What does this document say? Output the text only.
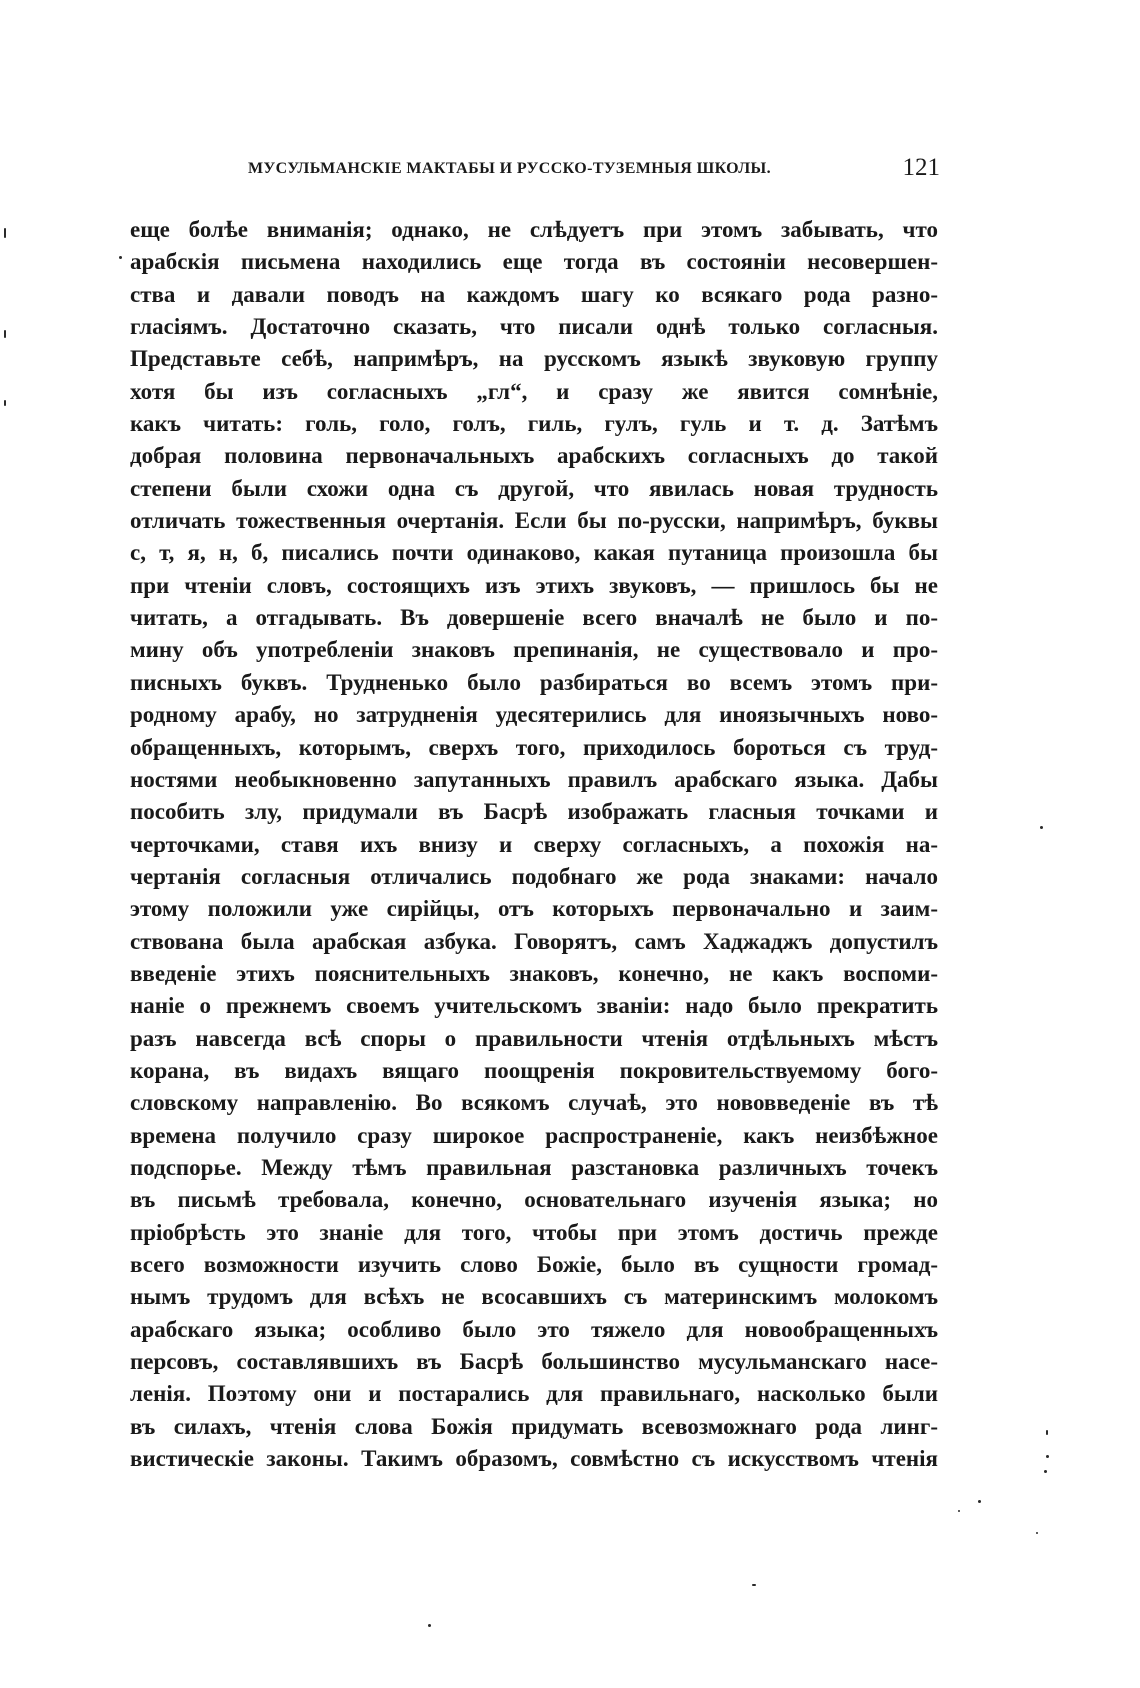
МУСУЛЬМАНСКІЕ МАКТАБЫ И РУССКО-ТУЗЕМНЫЯ ШКОЛЫ.	121
еще болѣе вниманія; однако, не слѣдуетъ при этомъ забывать, что
арабскія письмена находились еще тогда въ состояніи несовершен-
ства и давали поводъ на каждомъ шагу ко всякаго рода разно-
гласіямъ. Достаточно сказать, что писали однѣ только согласныя.
Представьте себѣ, напримѣръ, на русскомъ языкѣ звуковую группу
хотя бы изъ согласныхъ „гл“, и сразу же явится сомнѣніе,
какъ читать: голь, голо, голъ, гиль, гулъ, гуль и т. д. Затѣмъ
добрая половина первоначальныхъ арабскихъ согласныхъ до такой
степени были схожи одна съ другой, что явилась новая трудность
отличать тожественныя очертанія. Если бы по-русски, напримѣръ, буквы
с, т, я, н, б, писались почти одинаково, какая путаница произошла бы
при чтеніи словъ, состоящихъ изъ этихъ звуковъ, — пришлось бы не
читать, а отгадывать. Въ довершеніе всего вначалѣ не было и по-
мину объ употребленіи знаковъ препинанія, не существовало и про-
писныхъ буквъ. Трудненько было разбираться во всемъ этомъ при-
родному арабу, но затрудненія удесятерились для иноязычныхъ ново-
обращенныхъ, которымъ, сверхъ того, приходилось бороться съ труд-
ностями необыкновенно запутанныхъ правилъ арабскаго языка. Дабы
пособить злу, придумали въ Басрѣ изображать гласныя точками и
черточками, ставя ихъ внизу и сверху согласныхъ, а похожія на-
чертанія согласныя отличались подобнаго же рода знаками: начало
этому положили уже сирійцы, отъ которыхъ первоначально и заим-
ствована была арабская азбука. Говорятъ, самъ Хаджаджъ допустилъ
введеніе этихъ пояснительныхъ знаковъ, конечно, не какъ воспоми-
наніе о прежнемъ своемъ учительскомъ званіи: надо было прекратить
разъ навсегда всѣ споры о правильности чтенія отдѣльныхъ мѣстъ
корана, въ видахъ вящаго поощренія покровительствуемому бого-
словскому направленію. Во всякомъ случаѣ, это нововведеніе въ тѣ
времена получило сразу широкое распространеніе, какъ неизбѣжное
подспорье. Между тѣмъ правильная разстановка различныхъ точекъ
въ письмѣ требовала, конечно, основательнаго изученія языка; но
пріобрѣсть это знаніе для того, чтобы при этомъ достичь прежде
всего возможности изучить слово Божіе, было въ сущности громад-
нымъ трудомъ для всѣхъ не всосавшихъ съ материнскимъ молокомъ
арабскаго языка; особливо было это тяжело для новообращенныхъ
персовъ, составлявшихъ въ Басрѣ большинство мусульманскаго насе-
ленія. Поэтому они и постарались для правильнаго, насколько были
въ силахъ, чтенія слова Божія придумать всевозможнаго рода линг-
вистическіе законы. Такимъ образомъ, совмѣстно съ искусствомъ чтенія
